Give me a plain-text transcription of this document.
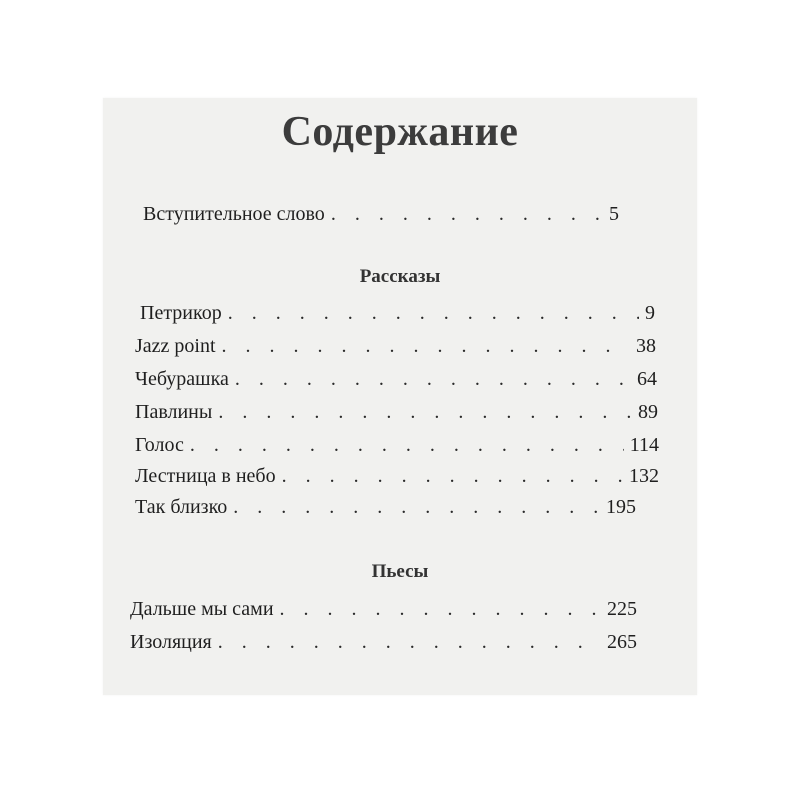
Содержание
Вступительное слово . . .	5
Рассказы
Петрикор . . .	9
Jazz point . . .	38
Чебурашка . . .	64
Павлины . . .	89
Голос . . .	114
Лестница в небо . . .	132
Так близко . . .	195
Пьесы
Дальше мы сами . . .	225
Изоляция . . .	265
